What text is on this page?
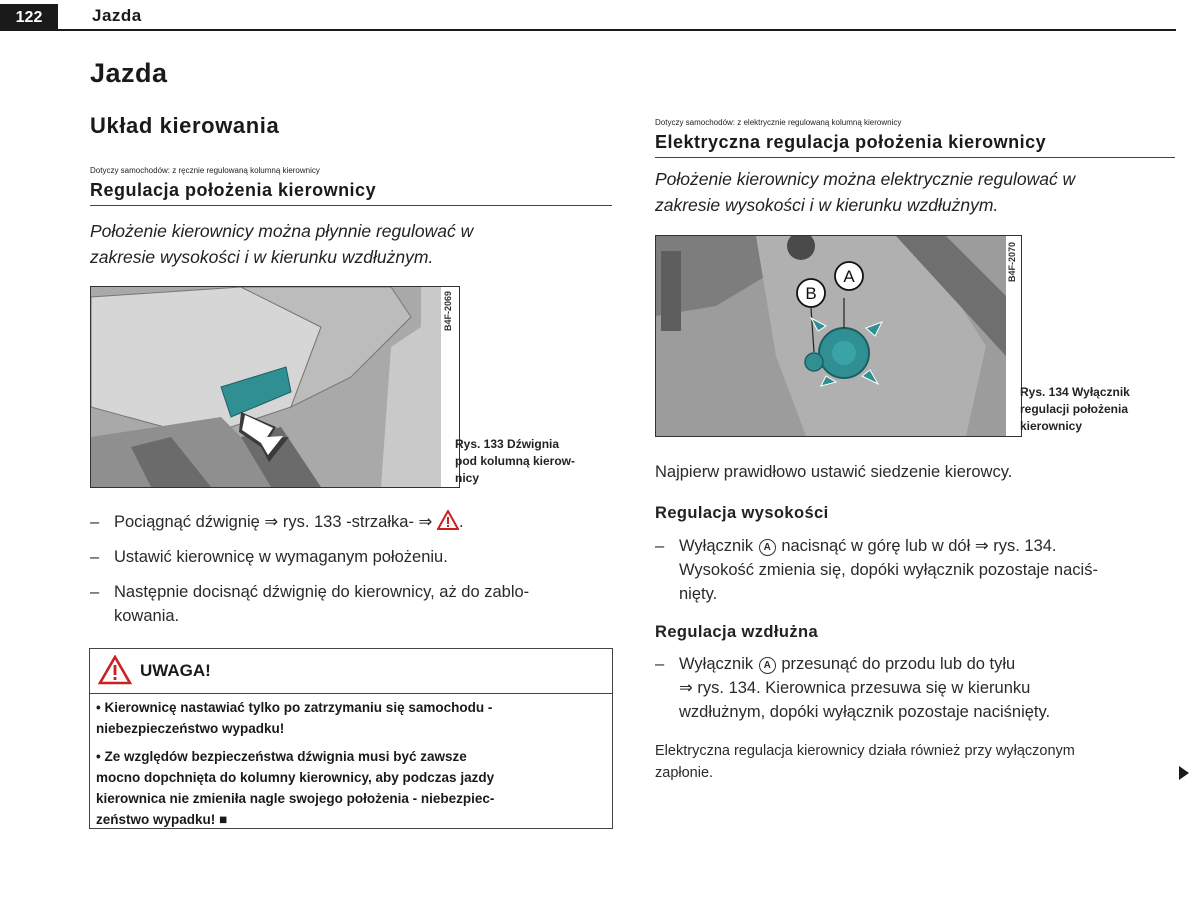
122	Jazda
Jazda
Układ kierowania
Dotyczy samochodów: z ręcznie regulowaną kolumną kierownicy
Regulacja położenia kierownicy
Położenie kierownicy można płynnie regulować w
zakresie wysokości i w kierunku wzdłużnym.
B4F-2069
Rys. 133 Dźwignia
pod kolumną kierow-
nicy
– Pociągnąć dźwignię ⇒ rys. 133 -strzałka- ⇒ .
– Ustawić kierownicę w wymaganym położeniu.
– Następnie docisnąć dźwignię do kierownicy, aż do zablo-
kowania.
UWAGA!
• Kierownicę nastawiać tylko po zatrzymaniu się samochodu -
niebezpieczeństwo wypadku!
• Ze względów bezpieczeństwa dźwignia musi być zawsze
mocno dopchnięta do kolumny kierownicy, aby podczas jazdy
kierownica nie zmieniła nagle swojego położenia - niebezpiec-
zeństwo wypadku! ■
Dotyczy samochodów: z elektrycznie regulowaną kolumną kierownicy
Elektryczna regulacja położenia kierownicy
Położenie kierownicy można elektrycznie regulować w
zakresie wysokości i w kierunku wzdłużnym.
B
A	B4F-2070
Rys. 134 Wyłącznik
regulacji położenia
kierownicy
Najpierw prawidłowo ustawić siedzenie kierowcy.
Regulacja wysokości
– Wyłącznik A nacisnąć w górę lub w dół ⇒ rys. 134.
Wysokość zmienia się, dopóki wyłącznik pozostaje naciś-
nięty.
Regulacja wzdłużna
– Wyłącznik A przesunąć do przodu lub do tyłu
⇒ rys. 134. Kierownica przesuwa się w kierunku
wzdłużnym, dopóki wyłącznik pozostaje naciśnięty.
Elektryczna regulacja kierownicy działa również przy wyłączonym
zapłonie.
